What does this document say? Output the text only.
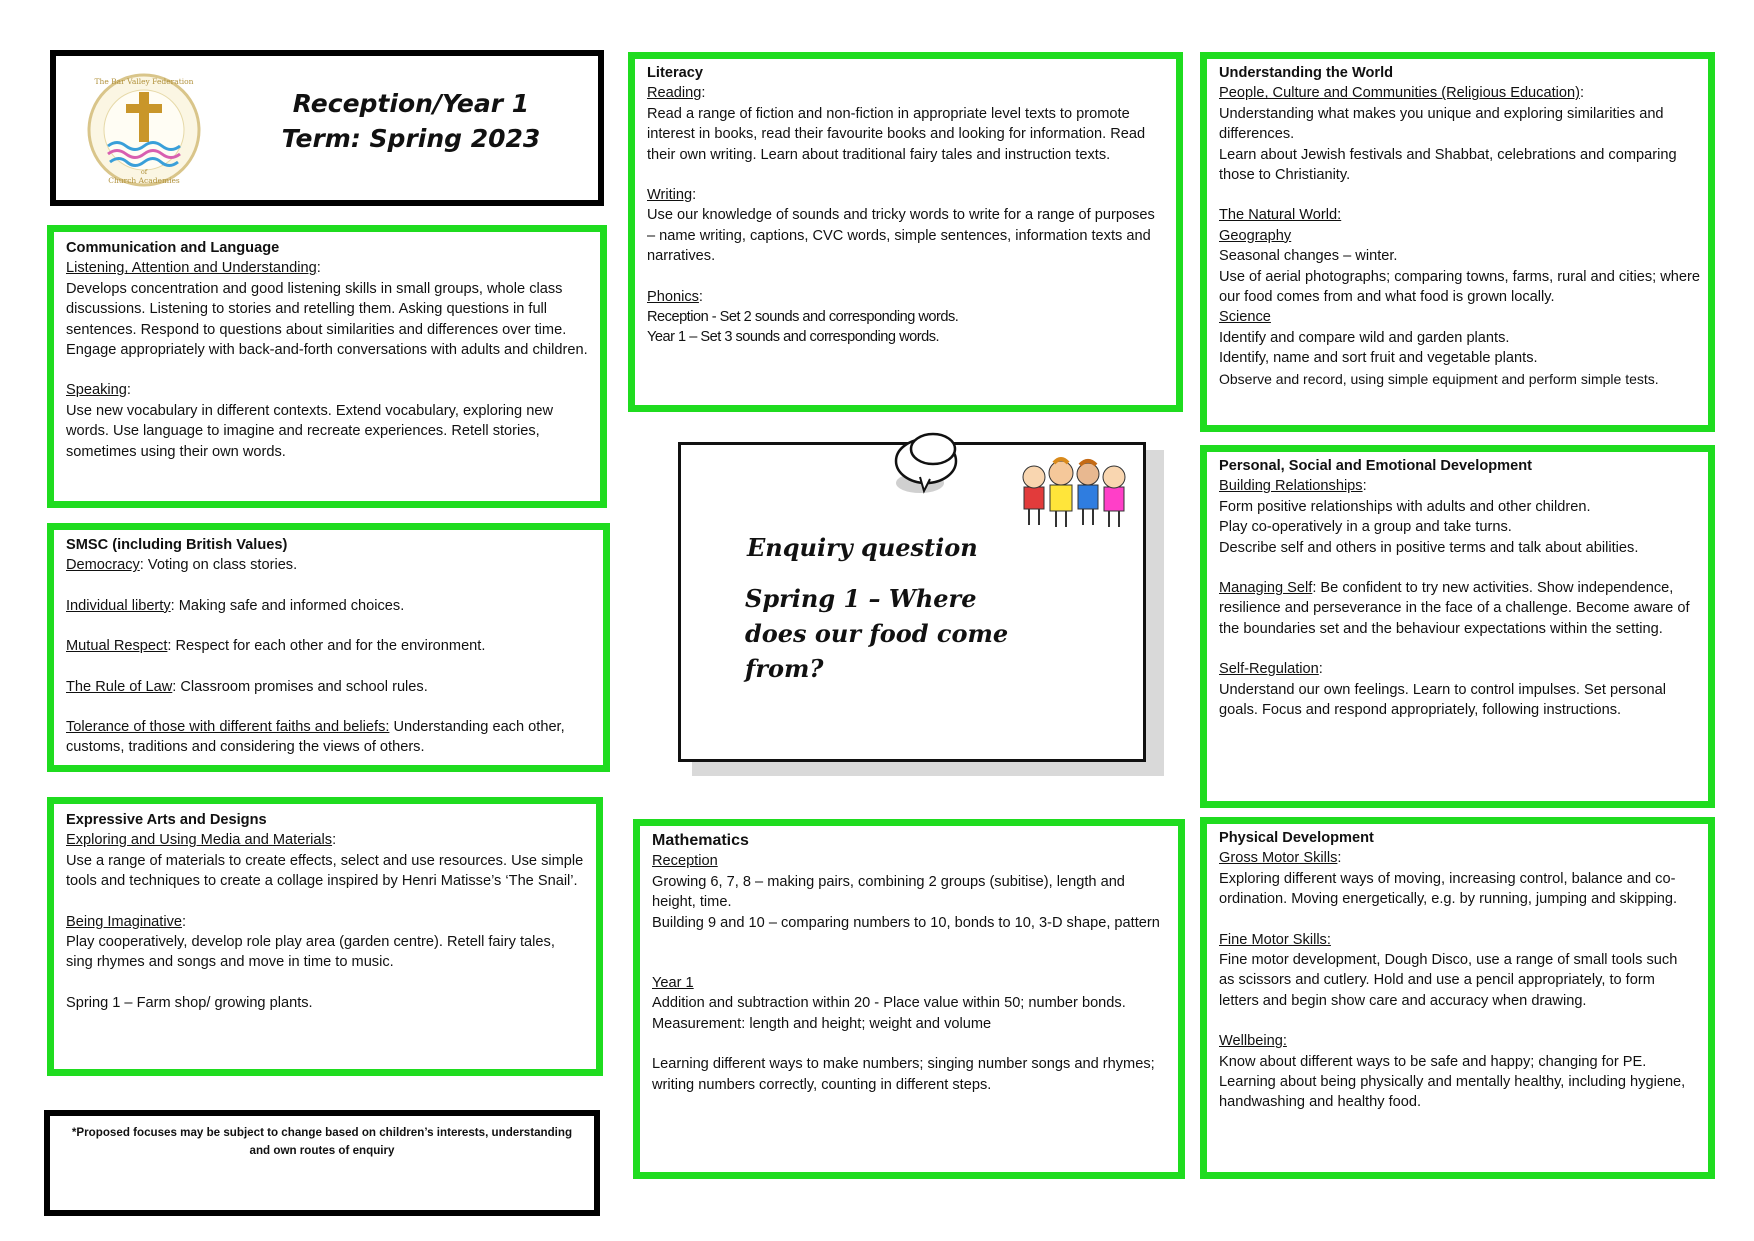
The Bar Valley Federation
of
Church Academies
Reception/Year 1
Term: Spring 2023
Communication and Language

Listening, Attention and Understanding:

Develops concentration and good listening skills in small groups, whole class discussions. Listening to stories and retelling them. Asking questions in full sentences. Respond to questions about similarities and differences over time. Engage appropriately with back-and-forth conversations with adults and children.

Speaking:

Use new vocabulary in different contexts. Extend vocabulary, exploring new words. Use language to imagine and recreate experiences. Retell stories, sometimes using their own words.

SMSC (including British Values)

Democracy: Voting on class stories.

Individual liberty: Making safe and informed choices.

Mutual Respect: Respect for each other and for the environment.

The Rule of Law: Classroom promises and school rules.

Tolerance of those with different faiths and beliefs: Understanding each other, customs, traditions and considering the views of others.

Expressive Arts and Designs

Exploring and Using Media and Materials:

Use a range of materials to create effects, select and use resources. Use simple tools and techniques to create a collage inspired by Henri Matisse’s ‘The Snail’.

Being Imaginative:

Play cooperatively, develop role play area (garden centre). Retell fairy tales, sing rhymes and songs and move in time to music.

Spring 1 – Farm shop/ growing plants.

*Proposed focuses may be subject to change based on children’s interests, understanding and own routes of enquiry

Literacy

Reading:

Read a range of fiction and non-fiction in appropriate level texts to promote interest in books, read their favourite books and looking for information. Read their own writing. Learn about traditional fairy tales and instruction texts.

Writing:

Use our knowledge of sounds and tricky words to write for a range of purposes – name writing, captions, CVC words, simple sentences, information texts and narratives.

Phonics:

Reception - Set 2 sounds and corresponding words.

Year 1 – Set 3 sounds and corresponding words.

Enquiry question
Spring 1 – Where
does our food come
from?
Mathematics

Reception

Growing 6, 7, 8 – making pairs, combining 2 groups (subitise), length and height, time.

Building 9 and 10 – comparing numbers to 10, bonds to 10, 3-D shape, pattern

Year 1

Addition and subtraction within 20 - Place value within 50; number bonds.

Measurement: length and height; weight and volume

Learning different ways to make numbers; singing number songs and rhymes; writing numbers correctly, counting in different steps.

Understanding the World

People, Culture and Communities (Religious Education):

Understanding what makes you unique and exploring similarities and differences.

Learn about Jewish festivals and Shabbat, celebrations and comparing those to Christianity.

The Natural World:

Geography

Seasonal changes – winter.

Use of aerial photographs; comparing towns, farms, rural and cities; where our food comes from and what food is grown locally.

Science

Identify and compare wild and garden plants.

Identify, name and sort fruit and vegetable plants.

Observe and record, using simple equipment and perform simple tests.

Personal, Social and Emotional Development

Building Relationships:

Form positive relationships with adults and other children.

Play co-operatively in a group and take turns.

Describe self and others in positive terms and talk about abilities.

Managing Self: Be confident to try new activities. Show independence, resilience and perseverance in the face of a challenge. Become aware of the boundaries set and the behaviour expectations within the setting.

Self-Regulation:

Understand our own feelings. Learn to control impulses. Set personal goals. Focus and respond appropriately, following instructions.

Physical Development

Gross Motor Skills:

Exploring different ways of moving, increasing control, balance and co-ordination. Moving energetically, e.g. by running, jumping and skipping.

Fine Motor Skills:

Fine motor development, Dough Disco, use a range of small tools such as scissors and cutlery. Hold and use a pencil appropriately, to form letters and begin show care and accuracy when drawing.

Wellbeing:

Know about different ways to be safe and happy; changing for PE. Learning about being physically and mentally healthy, including hygiene, handwashing and healthy food.
